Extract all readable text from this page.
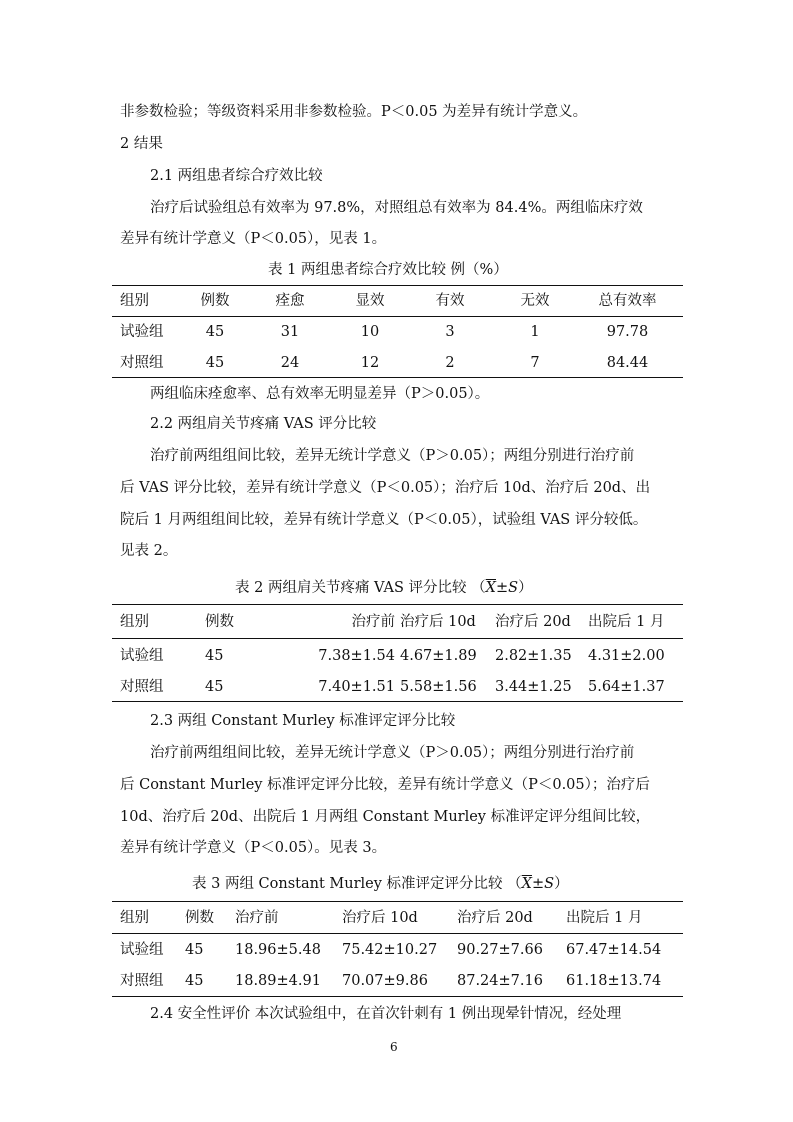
非参数检验；等级资料采用非参数检验。P＜0.05 为差异有统计学意义。
2 结果
2.1 两组患者综合疗效比较
治疗后试验组总有效率为 97.8%，对照组总有效率为 84.4%。两组临床疗效
差异有统计学意义（P＜0.05），见表 1。
表 1 两组患者综合疗效比较 例（%）
组别	例数	痊愈	显效	有效	无效	总有效率
试验组	45	31	10	3	1	97.78
对照组	45	24	12	2	7	84.44
两组临床痊愈率、总有效率无明显差异（P＞0.05）。
2.2 两组肩关节疼痛 VAS 评分比较
治疗前两组组间比较，差异无统计学意义（P＞0.05）；两组分别进行治疗前
后 VAS 评分比较，差异有统计学意义（P＜0.05）；治疗后 10d、治疗后 20d、出
院后 1 月两组组间比较，差异有统计学意义（P＜0.05），试验组 VAS 评分较低。
见表 2。
表 2 两组肩关节疼痛 VAS 评分比较 $(\overline{X}\pm S)$
组别	例数	治疗前 治疗后 10d	治疗后 20d	出院后 1 月
试验组	45	7.38±1.54 4.67±1.89	2.82±1.35	4.31±2.00
对照组	45	7.40±1.51 5.58±1.56	3.44±1.25	5.64±1.37
2.3 两组 Constant Murley 标准评定评分比较
治疗前两组组间比较，差异无统计学意义（P＞0.05）；两组分别进行治疗前
后 Constant Murley 标准评定评分比较，差异有统计学意义（P＜0.05）；治疗后
10d、治疗后 20d、出院后 1 月两组 Constant Murley 标准评定评分组间比较，
差异有统计学意义（P＜0.05）。见表 3。
表 3 两组 Constant Murley 标准评定评分比较 $(\overline{X}\pm S)$
组别	例数	治疗前	治疗后 10d	治疗后 20d	出院后 1 月
试验组	45	18.96±5.48	75.42±10.27	90.27±7.66	67.47±14.54
对照组	45	18.89±4.91	70.07±9.86	87.24±7.16	61.18±13.74
2.4 安全性评价 本次试验组中，在首次针刺有 1 例出现晕针情况，经处理
6
